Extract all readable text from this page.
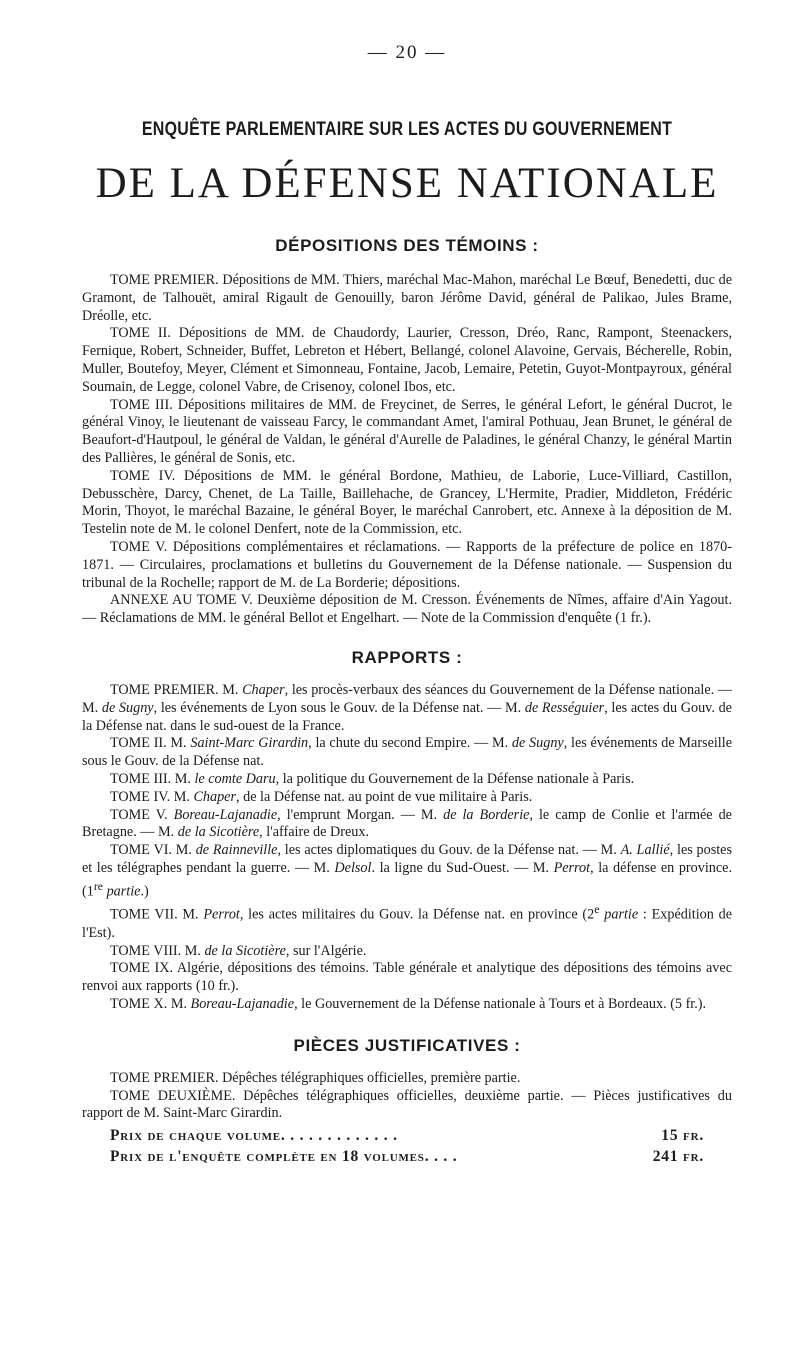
— 20 —
ENQUÊTE PARLEMENTAIRE SUR LES ACTES DU GOUVERNEMENT
DE LA DÉFENSE NATIONALE
DÉPOSITIONS DES TÉMOINS :

TOME PREMIER. Dépositions de MM. Thiers, maréchal Mac-Mahon, maréchal Le Bœuf, Benedetti, duc de Gramont, de Talhouët, amiral Rigault de Genouilly, baron Jérôme David, général de Palikao, Jules Brame, Dréolle, etc.

TOME II. Dépositions de MM. de Chaudordy, Laurier, Cresson, Dréo, Ranc, Rampont, Steenackers, Fernique, Robert, Schneider, Buffet, Lebreton et Hébert, Bellangé, colonel Alavoine, Gervais, Bécherelle, Robin, Muller, Boutefoy, Meyer, Clément et Simonneau, Fontaine, Jacob, Lemaire, Petetin, Guyot-Montpayroux, général Soumain, de Legge, colonel Vabre, de Crisenoy, colonel Ibos, etc.

TOME III. Dépositions militaires de MM. de Freycinet, de Serres, le général Lefort, le général Ducrot, le général Vinoy, le lieutenant de vaisseau Farcy, le commandant Amet, l'amiral Pothuau, Jean Brunet, le général de Beaufort-d'Hautpoul, le général de Valdan, le général d'Aurelle de Paladines, le général Chanzy, le général Martin des Pallières, le général de Sonis, etc.

TOME IV. Dépositions de MM. le général Bordone, Mathieu, de Laborie, Luce-Villiard, Castillon, Debusschère, Darcy, Chenet, de La Taille, Baillehache, de Grancey, L'Hermite, Pradier, Middleton, Frédéric Morin, Thoyot, le maréchal Bazaine, le général Boyer, le maréchal Canrobert, etc. Annexe à la déposition de M. Testelin note de M. le colonel Denfert, note de la Commission, etc.

TOME V. Dépositions complémentaires et réclamations. — Rapports de la préfecture de police en 1870-1871. — Circulaires, proclamations et bulletins du Gouvernement de la Défense nationale. — Suspension du tribunal de la Rochelle; rapport de M. de La Borderie; dépositions.

ANNEXE AU TOME V. Deuxième déposition de M. Cresson. Événements de Nîmes, affaire d'Ain Yagout. — Réclamations de MM. le général Bellot et Engelhart. — Note de la Commission d'enquête (1 fr.).

RAPPORTS :

TOME PREMIER. M. Chaper, les procès-verbaux des séances du Gouvernement de la Défense nationale. — M. de Sugny, les événements de Lyon sous le Gouv. de la Défense nat. — M. de Rességuier, les actes du Gouv. de la Défense nat. dans le sud-ouest de la France.

TOME II. M. Saint-Marc Girardin, la chute du second Empire. — M. de Sugny, les événements de Marseille sous le Gouv. de la Défense nat.

TOME III. M. le comte Daru, la politique du Gouvernement de la Défense nationale à Paris.

TOME IV. M. Chaper, de la Défense nat. au point de vue militaire à Paris.

TOME V. Boreau-Lajanadie, l'emprunt Morgan. — M. de la Borderie, le camp de Conlie et l'armée de Bretagne. — M. de la Sicotière, l'affaire de Dreux.

TOME VI. M. de Rainneville, les actes diplomatiques du Gouv. de la Défense nat. — M. A. Lallié, les postes et les télégraphes pendant la guerre. — M. Delsol. la ligne du Sud-Ouest. — M. Perrot, la défense en province. (1re partie.)

TOME VII. M. Perrot, les actes militaires du Gouv. la Défense nat. en province (2e partie : Expédition de l'Est).

TOME VIII. M. de la Sicotière, sur l'Algérie.

TOME IX. Algérie, dépositions des témoins. Table générale et analytique des dépositions des témoins avec renvoi aux rapports (10 fr.).

TOME X. M. Boreau-Lajanadie, le Gouvernement de la Défense nationale à Tours et à Bordeaux. (5 fr.).

PIÈCES JUSTIFICATIVES :

TOME PREMIER. Dépêches télégraphiques officielles, première partie.

TOME DEUXIÈME. Dépêches télégraphiques officielles, deuxième partie. — Pièces justificatives du rapport de M. Saint-Marc Girardin.

Prix de chaque volume. . . . . . . . . . . . .	15 fr.
Prix de l'enquête complète en 18 volumes. . . .	241 fr.
